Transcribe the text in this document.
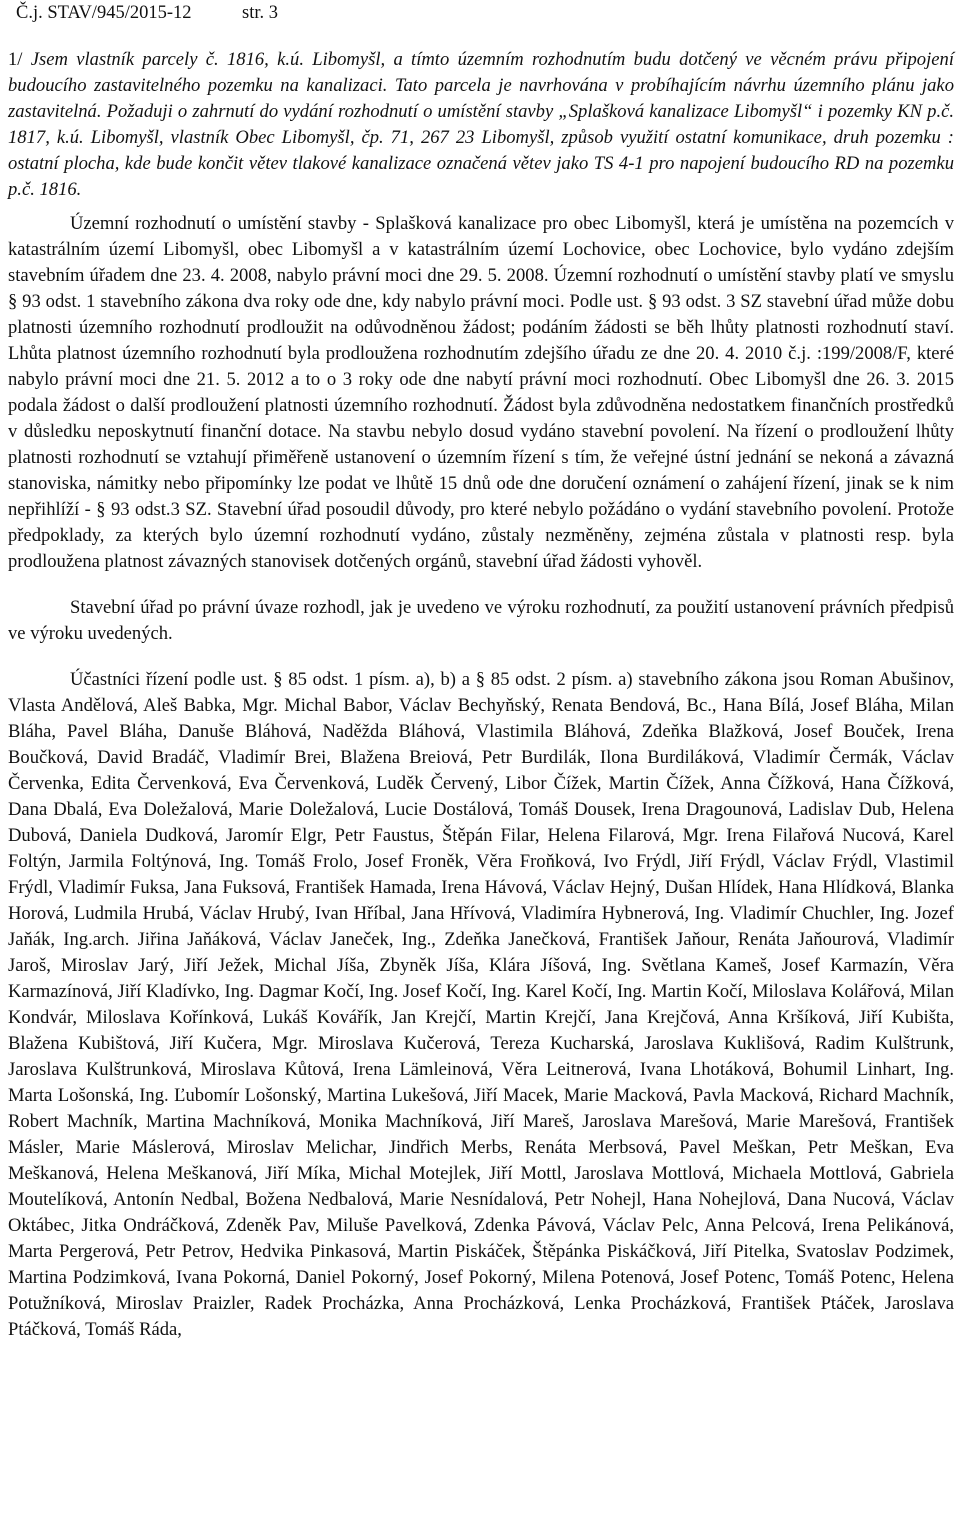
Č.j. STAV/945/2015-12	str. 3

1/ Jsem vlastník parcely č. 1816, k.ú. Libomyšl, a tímto územním rozhodnutím budu dotčený ve věcném právu připojení budoucího zastavitelného pozemku na kanalizaci. Tato parcela je navrhována v probíhajícím návrhu územního plánu jako zastavitelná. Požaduji o zahrnutí do vydání rozhodnutí o umístění stavby „Splašková kanalizace Libomyšl“ i pozemky KN p.č. 1817, k.ú. Libomyšl, vlastník Obec Libomyšl, čp. 71, 267 23 Libomyšl, způsob využití ostatní komunikace, druh pozemku : ostatní plocha, kde bude končit větev tlakové kanalizace označená větev jako TS 4-1 pro napojení budoucího RD na pozemku p.č. 1816.

Územní rozhodnutí o umístění stavby - Splašková kanalizace pro obec Libomyšl, která je umístěna na pozemcích v katastrálním území Libomyšl, obec Libomyšl a v katastrálním území Lochovice, obec Lochovice, bylo vydáno zdejším stavebním úřadem dne 23. 4. 2008, nabylo právní moci dne 29. 5. 2008. Územní rozhodnutí o umístění stavby platí ve smyslu § 93 odst. 1 stavebního zákona dva roky ode dne, kdy nabylo právní moci. Podle ust. § 93 odst. 3 SZ stavební úřad může dobu platnosti územního rozhodnutí prodloužit na odůvodněnou žádost; podáním žádosti se běh lhůty platnosti rozhodnutí staví. Lhůta platnost územního rozhodnutí byla prodloužena rozhodnutím zdejšího úřadu ze dne 20. 4. 2010 č.j. :199/2008/F, které nabylo právní moci dne 21. 5. 2012 a to o 3 roky ode dne nabytí právní moci rozhodnutí. Obec Libomyšl dne 26. 3. 2015 podala žádost o další prodloužení platnosti územního rozhodnutí. Žádost byla zdůvodněna nedostatkem finančních prostředků v důsledku neposkytnutí finanční dotace. Na stavbu nebylo dosud vydáno stavební povolení. Na řízení o prodloužení lhůty platnosti rozhodnutí se vztahují přiměřeně ustanovení o územním řízení s tím, že veřejné ústní jednání se nekoná a závazná stanoviska, námitky nebo připomínky lze podat ve lhůtě 15 dnů ode dne doručení oznámení o zahájení řízení, jinak se k nim nepřihlíží - § 93 odst.3 SZ. Stavební úřad posoudil důvody, pro které nebylo požádáno o vydání stavebního povolení. Protože předpoklady, za kterých bylo územní rozhodnutí vydáno, zůstaly nezměněny, zejména zůstala v platnosti resp. byla prodloužena platnost závazných stanovisek dotčených orgánů, stavební úřad žádosti vyhověl.

Stavební úřad po právní úvaze rozhodl, jak je uvedeno ve výroku rozhodnutí, za použití ustanovení právních předpisů ve výroku uvedených.

Účastníci řízení podle ust. § 85 odst. 1 písm. a), b) a § 85 odst. 2 písm. a) stavebního zákona jsou Roman Abušinov, Vlasta Andělová, Aleš Babka, Mgr. Michal Babor, Václav Bechyňský, Renata Bendová, Bc., Hana Bílá, Josef Bláha, Milan Bláha, Pavel Bláha, Danuše Bláhová, Naděžda Bláhová, Vlastimila Bláhová, Zdeňka Blažková, Josef Bouček, Irena Boučková, David Bradáč, Vladimír Brei, Blažena Breiová, Petr Burdilák, Ilona Burdiláková, Vladimír Čermák, Václav Červenka, Edita Červenková, Eva Červenková, Luděk Červený, Libor Čížek, Martin Čížek, Anna Čížková, Hana Čížková, Dana Dbalá, Eva Doležalová, Marie Doležalová, Lucie Dostálová, Tomáš Dousek, Irena Dragounová, Ladislav Dub, Helena Dubová, Daniela Dudková, Jaromír Elgr, Petr Faustus, Štěpán Filar, Helena Filarová, Mgr. Irena Filařová Nucová, Karel Foltýn, Jarmila Foltýnová, Ing. Tomáš Frolo, Josef Froněk, Věra Froňková, Ivo Frýdl, Jiří Frýdl, Václav Frýdl, Vlastimil Frýdl, Vladimír Fuksa, Jana Fuksová, František Hamada, Irena Hávová, Václav Hejný, Dušan Hlídek, Hana Hlídková, Blanka Horová, Ludmila Hrubá, Václav Hrubý, Ivan Hříbal, Jana Hřívová, Vladimíra Hybnerová, Ing. Vladimír Chuchler, Ing. Jozef Jaňák, Ing.arch. Jiřina Jaňáková, Václav Janeček, Ing., Zdeňka Janečková, František Jaňour, Renáta Jaňourová, Vladimír Jaroš, Miroslav Jarý, Jiří Ježek, Michal Jíša, Zbyněk Jíša, Klára Jíšová, Ing. Světlana Kameš, Josef Karmazín, Věra Karmazínová, Jiří Kladívko, Ing. Dagmar Kočí, Ing. Josef Kočí, Ing. Karel Kočí, Ing. Martin Kočí, Miloslava Kolářová, Milan Kondvár, Miloslava Kořínková, Lukáš Kovářík, Jan Krejčí, Martin Krejčí, Jana Krejčová, Anna Kršíková, Jiří Kubišta, Blažena Kubištová, Jiří Kučera, Mgr. Miroslava Kučerová, Tereza Kucharská, Jaroslava Kuklišová, Radim Kulštrunk, Jaroslava Kulštrunková, Miroslava Kůtová, Irena Lämleinová, Věra Leitnerová, Ivana Lhotáková, Bohumil Linhart, Ing. Marta Lošonská, Ing. Ľubomír Lošonský, Martina Lukešová, Jiří Macek, Marie Macková, Pavla Macková, Richard Machník, Robert Machník, Martina Machníková, Monika Machníková, Jiří Mareš, Jaroslava Marešová, Marie Marešová, František Másler, Marie Máslerová, Miroslav Melichar, Jindřich Merbs, Renáta Merbsová, Pavel Meškan, Petr Meškan, Eva Meškanová, Helena Meškanová, Jiří Míka, Michal Motejlek, Jiří Mottl, Jaroslava Mottlová, Michaela Mottlová, Gabriela Moutelíková, Antonín Nedbal, Božena Nedbalová, Marie Nesnídalová, Petr Nohejl, Hana Nohejlová, Dana Nucová, Václav Oktábec, Jitka Ondráčková, Zdeněk Pav, Miluše Pavelková, Zdenka Pávová, Václav Pelc, Anna Pelcová, Irena Pelikánová, Marta Pergerová, Petr Petrov, Hedvika Pinkasová, Martin Piskáček, Štěpánka Piskáčková, Jiří Pitelka, Svatoslav Podzimek, Martina Podzimková, Ivana Pokorná, Daniel Pokorný, Josef Pokorný, Milena Potenová, Josef Potenc, Tomáš Potenc, Helena Potužníková, Miroslav Praizler, Radek Procházka, Anna Procházková, Lenka Procházková, František Ptáček, Jaroslava Ptáčková, Tomáš Ráda,
